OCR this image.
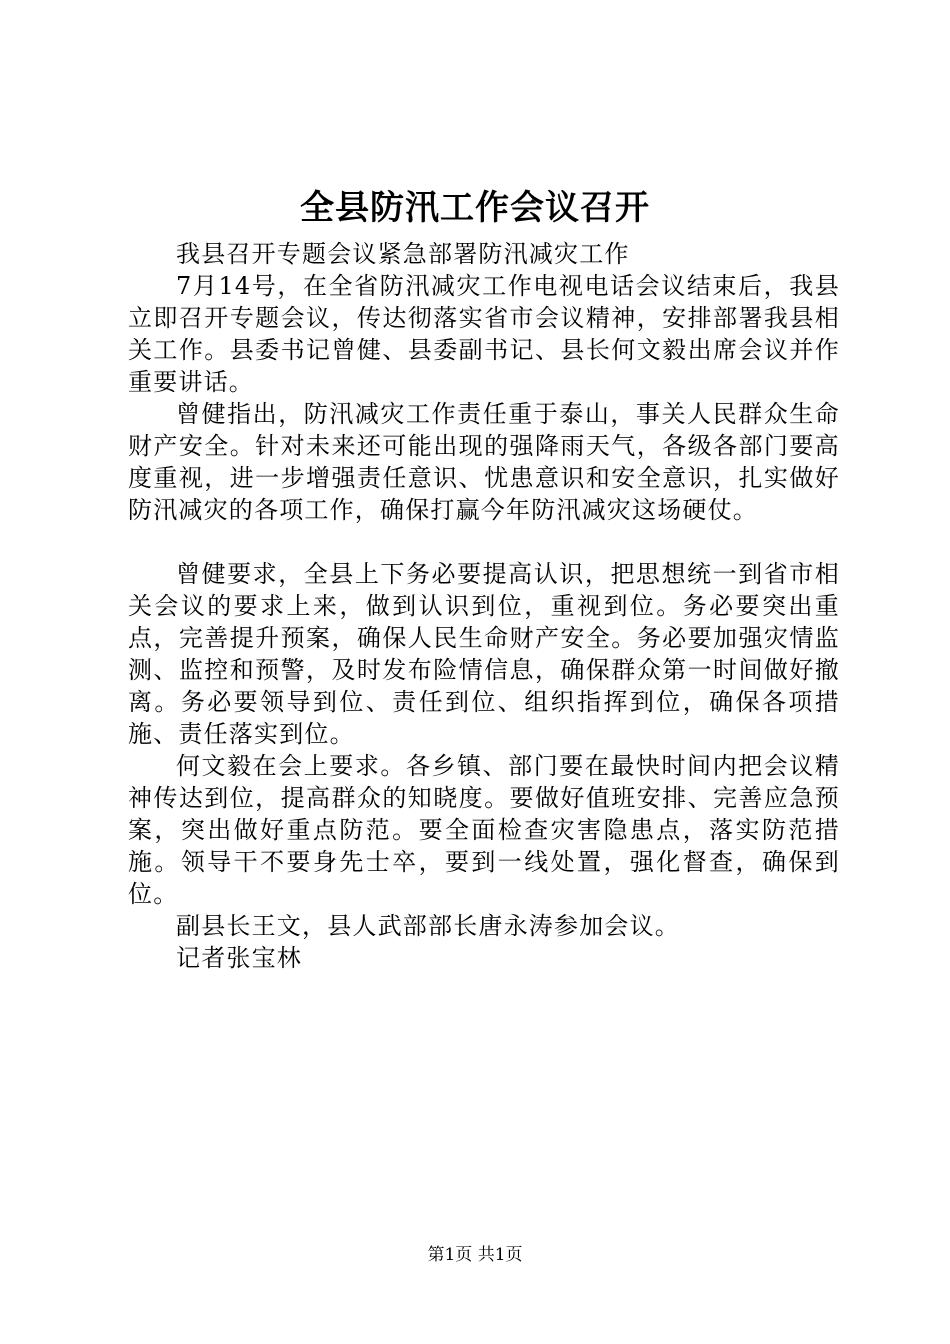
全县防汛工作会议召开

我县召开专题会议紧急部署防汛减灾工作

7月14号，在全省防汛减灾工作电视电话会议结束后，我县立即召开专题会议，传达彻落实省市会议精神，安排部署我县相关工作。县委书记曾健、县委副书记、县长何文毅出席会议并作重要讲话。

曾健指出，防汛减灾工作责任重于泰山，事关人民群众生命财产安全。针对未来还可能出现的强降雨天气，各级各部门要高度重视，进一步增强责任意识、忧患意识和安全意识，扎实做好防汛减灾的各项工作，确保打赢今年防汛减灾这场硬仗。

曾健要求，全县上下务必要提高认识，把思想统一到省市相关会议的要求上来，做到认识到位，重视到位。务必要突出重点，完善提升预案，确保人民生命财产安全。务必要加强灾情监测、监控和预警，及时发布险情信息，确保群众第一时间做好撤离。务必要领导到位、责任到位、组织指挥到位，确保各项措施、责任落实到位。

何文毅在会上要求。各乡镇、部门要在最快时间内把会议精神传达到位，提高群众的知晓度。要做好值班安排、完善应急预案，突出做好重点防范。要全面检查灾害隐患点，落实防范措施。领导干不要身先士卒，要到一线处置，强化督查，确保到位。

副县长王文，县人武部部长唐永涛参加会议。

记者张宝林

第1页 共1页
